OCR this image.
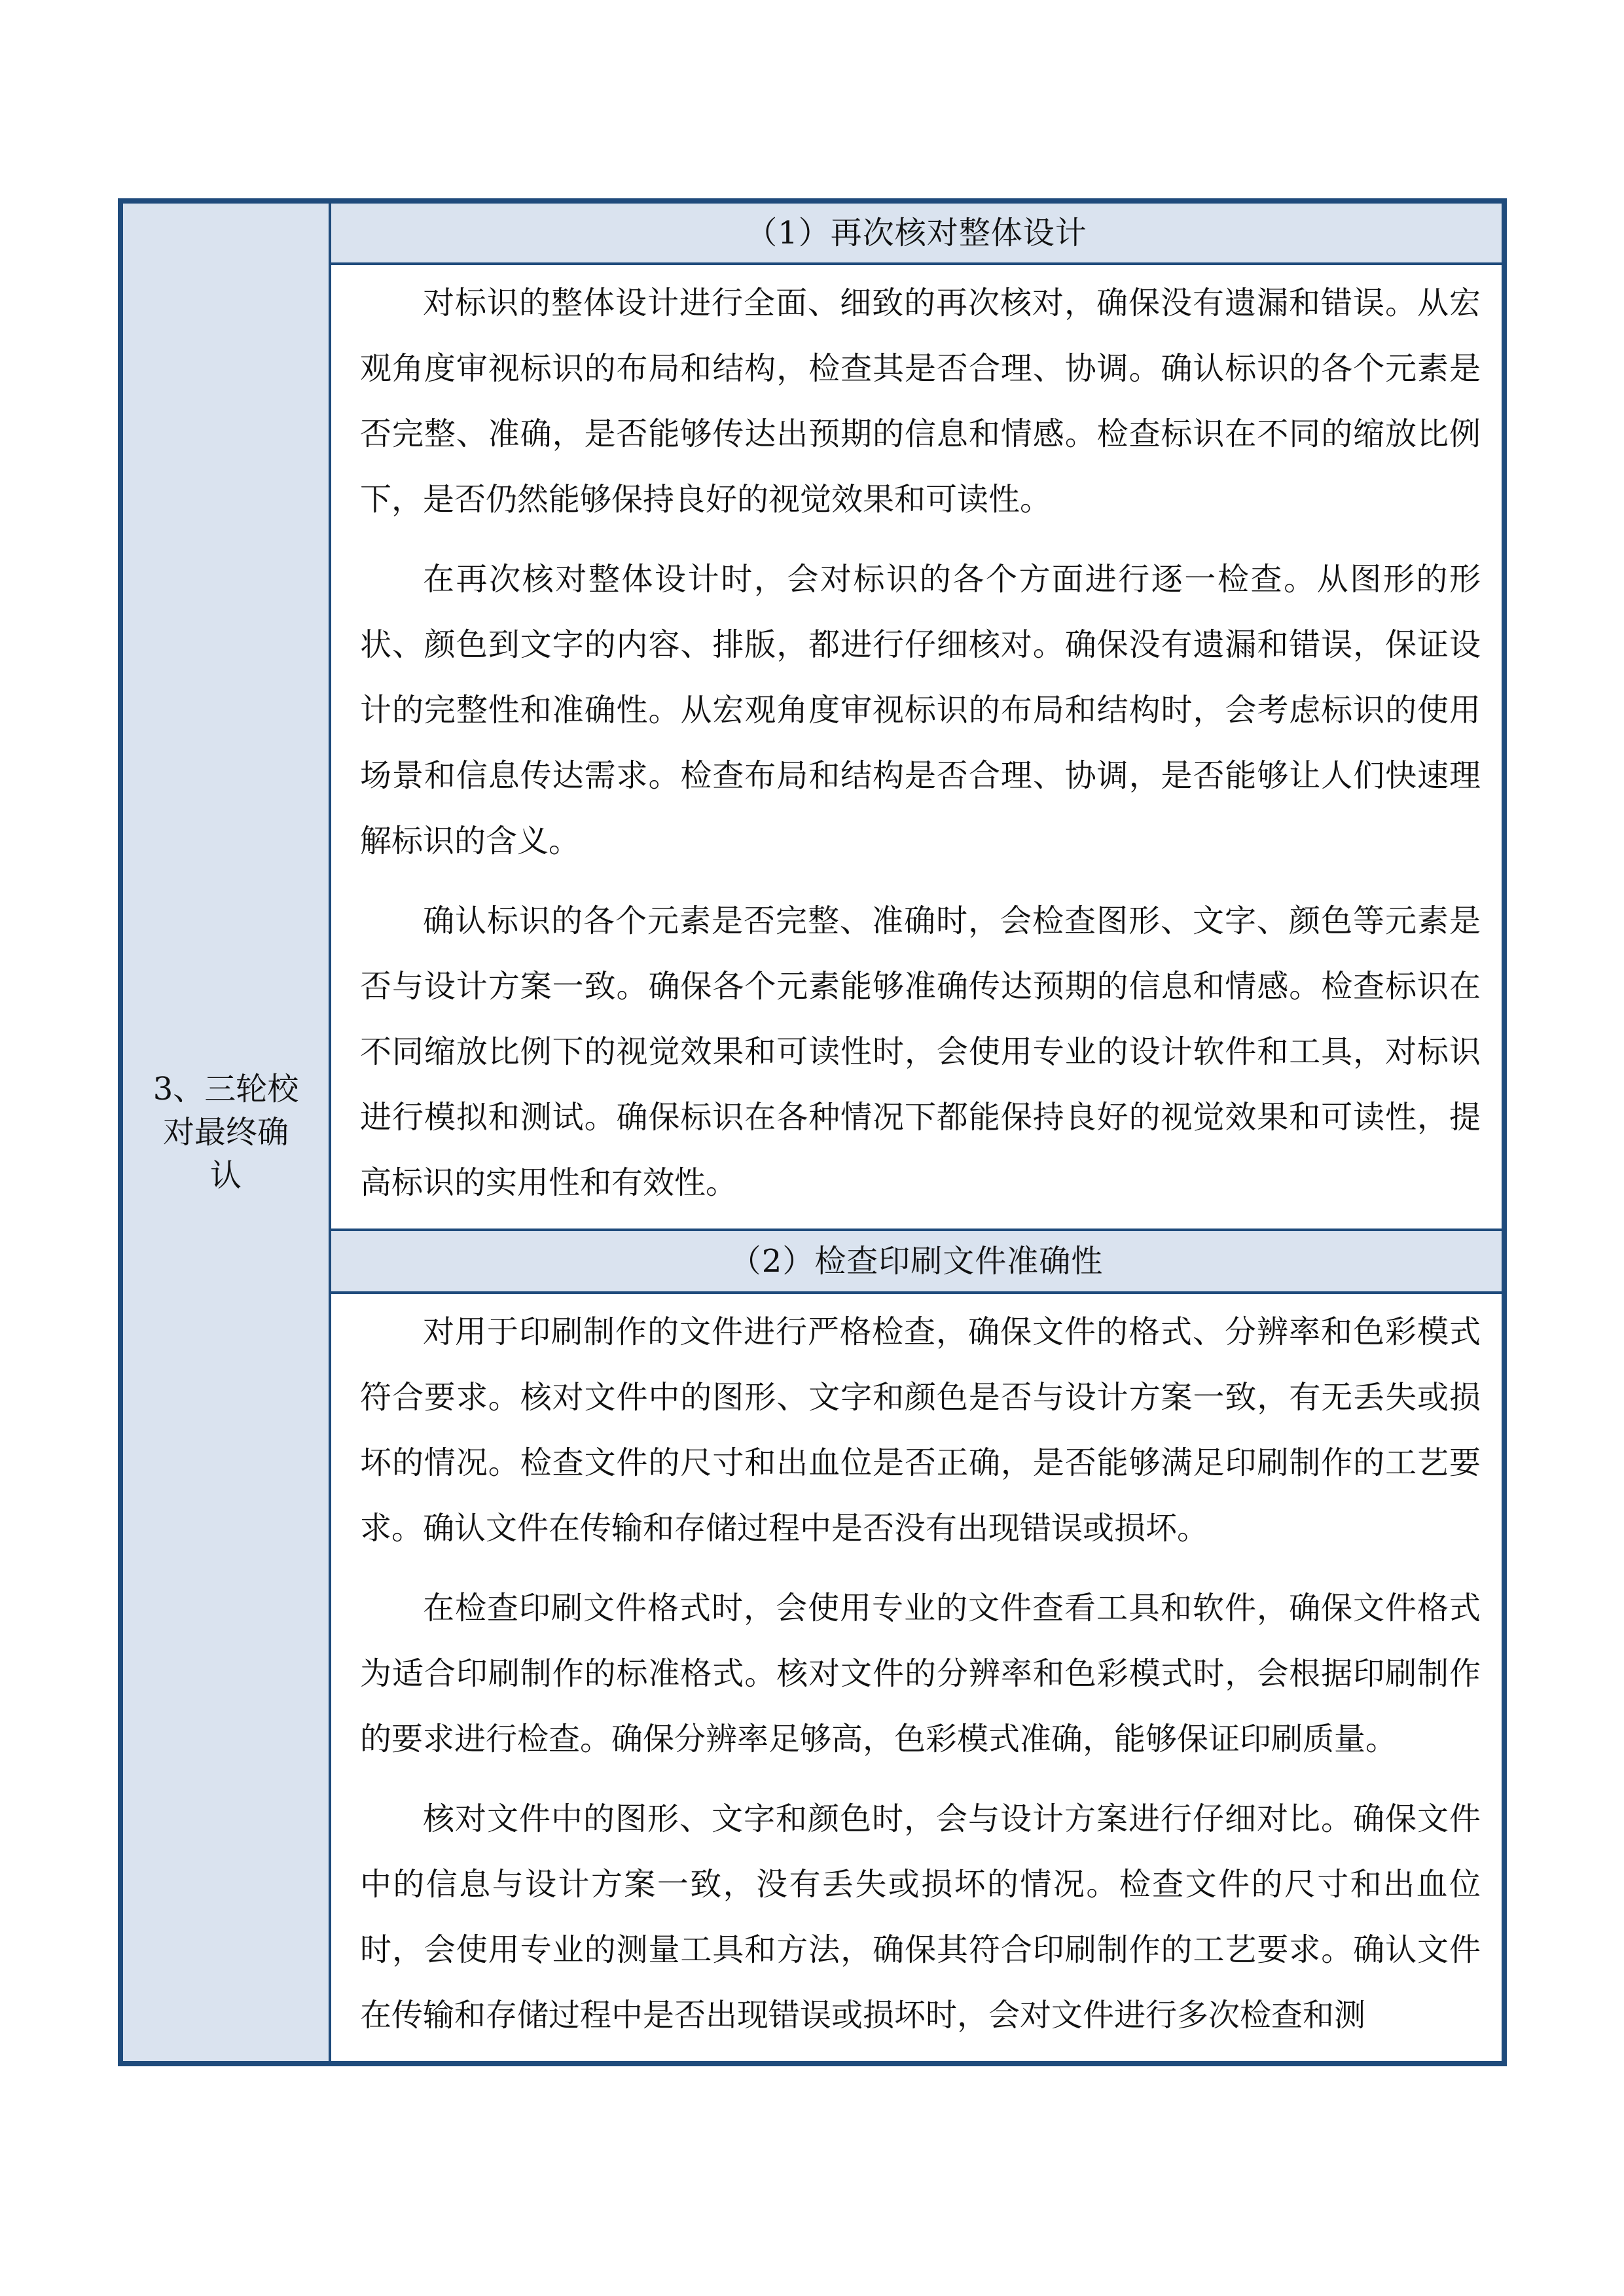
3、三轮校对最终确认	（1）再次核对整体设计

对标识的整体设计进行全面、细致的再次核对，确保没有遗漏和错误。从宏观角度审视标识的布局和结构，检查其是否合理、协调。确认标识的各个元素是否完整、准确，是否能够传达出预期的信息和情感。检查标识在不同的缩放比例下，是否仍然能够保持良好的视觉效果和可读性。

在再次核对整体设计时，会对标识的各个方面进行逐一检查。从图形的形状、颜色到文字的内容、排版，都进行仔细核对。确保没有遗漏和错误，保证设计的完整性和准确性。从宏观角度审视标识的布局和结构时，会考虑标识的使用场景和信息传达需求。检查布局和结构是否合理、协调，是否能够让人们快速理解标识的含义。

确认标识的各个元素是否完整、准确时，会检查图形、文字、颜色等元素是否与设计方案一致。确保各个元素能够准确传达预期的信息和情感。检查标识在不同缩放比例下的视觉效果和可读性时，会使用专业的设计软件和工具，对标识进行模拟和测试。确保标识在各种情况下都能保持良好的视觉效果和可读性，提高标识的实用性和有效性。

（2）检查印刷文件准确性

对用于印刷制作的文件进行严格检查，确保文件的格式、分辨率和色彩模式符合要求。核对文件中的图形、文字和颜色是否与设计方案一致，有无丢失或损坏的情况。检查文件的尺寸和出血位是否正确，是否能够满足印刷制作的工艺要求。确认文件在传输和存储过程中是否没有出现错误或损坏。

在检查印刷文件格式时，会使用专业的文件查看工具和软件，确保文件格式为适合印刷制作的标准格式。核对文件的分辨率和色彩模式时，会根据印刷制作的要求进行检查。确保分辨率足够高，色彩模式准确，能够保证印刷质量。

核对文件中的图形、文字和颜色时，会与设计方案进行仔细对比。确保文件中的信息与设计方案一致，没有丢失或损坏的情况。检查文件的尺寸和出血位时，会使用专业的测量工具和方法，确保其符合印刷制作的工艺要求。确认文件在传输和存储过程中是否出现错误或损坏时，会对文件进行多次检查和测
